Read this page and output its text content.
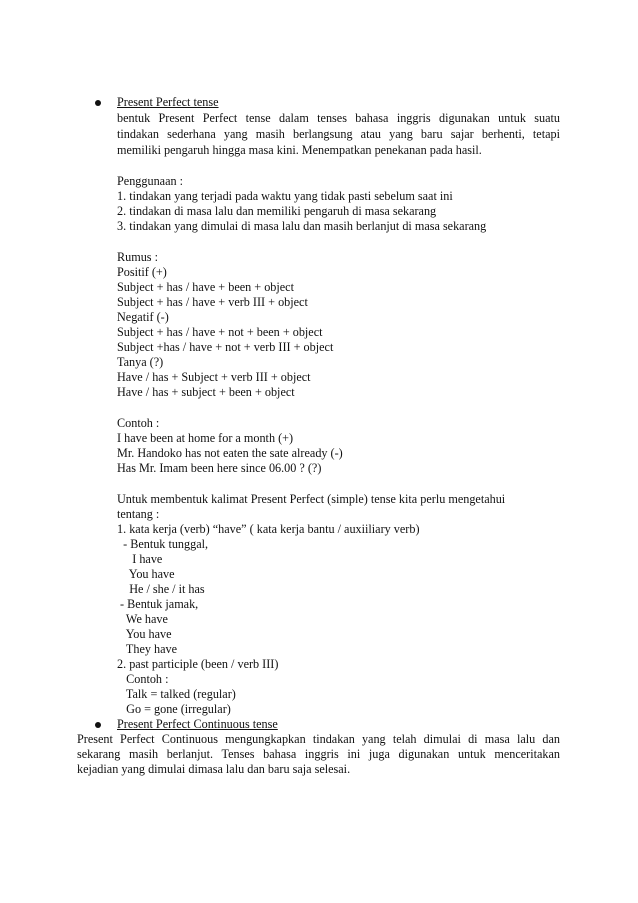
Present Perfect tense
bentuk Present Perfect tense dalam tenses bahasa inggris digunakan untuk suatu
tindakan sederhana yang masih berlangsung atau yang baru sajar berhenti, tetapi
memiliki pengaruh hingga masa kini. Menempatkan penekanan pada hasil.
Penggunaan :
1. tindakan yang terjadi pada waktu yang tidak pasti sebelum saat ini
2. tindakan di masa lalu dan memiliki pengaruh di masa sekarang
3. tindakan yang dimulai di masa lalu dan masih berlanjut di masa sekarang
Rumus :
Positif (+)
Subject + has / have + been + object
Subject + has / have + verb III + object
Negatif (-)
Subject + has / have + not + been + object
Subject +has / have + not + verb III + object
Tanya (?)
Have / has + Subject + verb III + object
Have / has + subject + been + object
Contoh :
I have been at home for a month (+)
Mr. Handoko has not eaten the sate already (-)
Has Mr. Imam been here since 06.00 ? (?)
Untuk membentuk kalimat Present Perfect (simple) tense kita perlu mengetahui
tentang :
1. kata kerja (verb) “have” ( kata kerja bantu / auxiiliary verb)
- Bentuk tunggal,
I have
You have
He / she / it has
- Bentuk jamak,
We have
You have
They have
2. past participle (been / verb III)
Contoh :
Talk = talked (regular)
Go = gone (irregular)
Present Perfect Continuous tense
Present Perfect Continuous mengungkapkan tindakan yang telah dimulai di masa lalu dan
sekarang masih berlanjut. Tenses bahasa inggris ini juga digunakan untuk menceritakan
kejadian yang dimulai dimasa lalu dan baru saja selesai.
